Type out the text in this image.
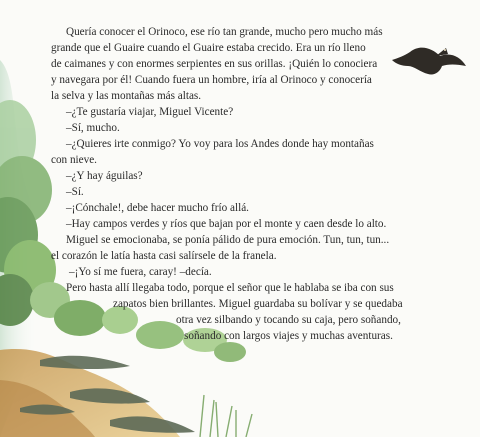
Quería conocer el Orinoco, ese río tan grande, mucho pero mucho más
grande que el Guaire cuando el Guaire estaba crecido. Era un río lleno
de caimanes y con enormes serpientes en sus orillas. ¡Quién lo conociera
y navegara por él! Cuando fuera un hombre, iría al Orinoco y conocería
la selva y las montañas más altas.
–¿Te gustaría viajar, Miguel Vicente?
–Sí, mucho.
–¿Quieres irte conmigo? Yo voy para los Andes donde hay montañas
con nieve.
–¿Y hay águilas?
–Sí.
–¡Cónchale!, debe hacer mucho frío allá.
–Hay campos verdes y ríos que bajan por el monte y caen desde lo alto.
Miguel se emocionaba, se ponía pálido de pura emoción. Tun, tun, tun...
el corazón le latía hasta casi salírsele de la franela.
–¡Yo sí me fuera, caray! –decía.
Pero hasta allí llegaba todo, porque el señor que le hablaba se iba con sus
zapatos bien brillantes. Miguel guardaba su bolívar y se quedaba
otra vez silbando y tocando su caja, pero soñando,
soñando con largos viajes y muchas aventuras.
